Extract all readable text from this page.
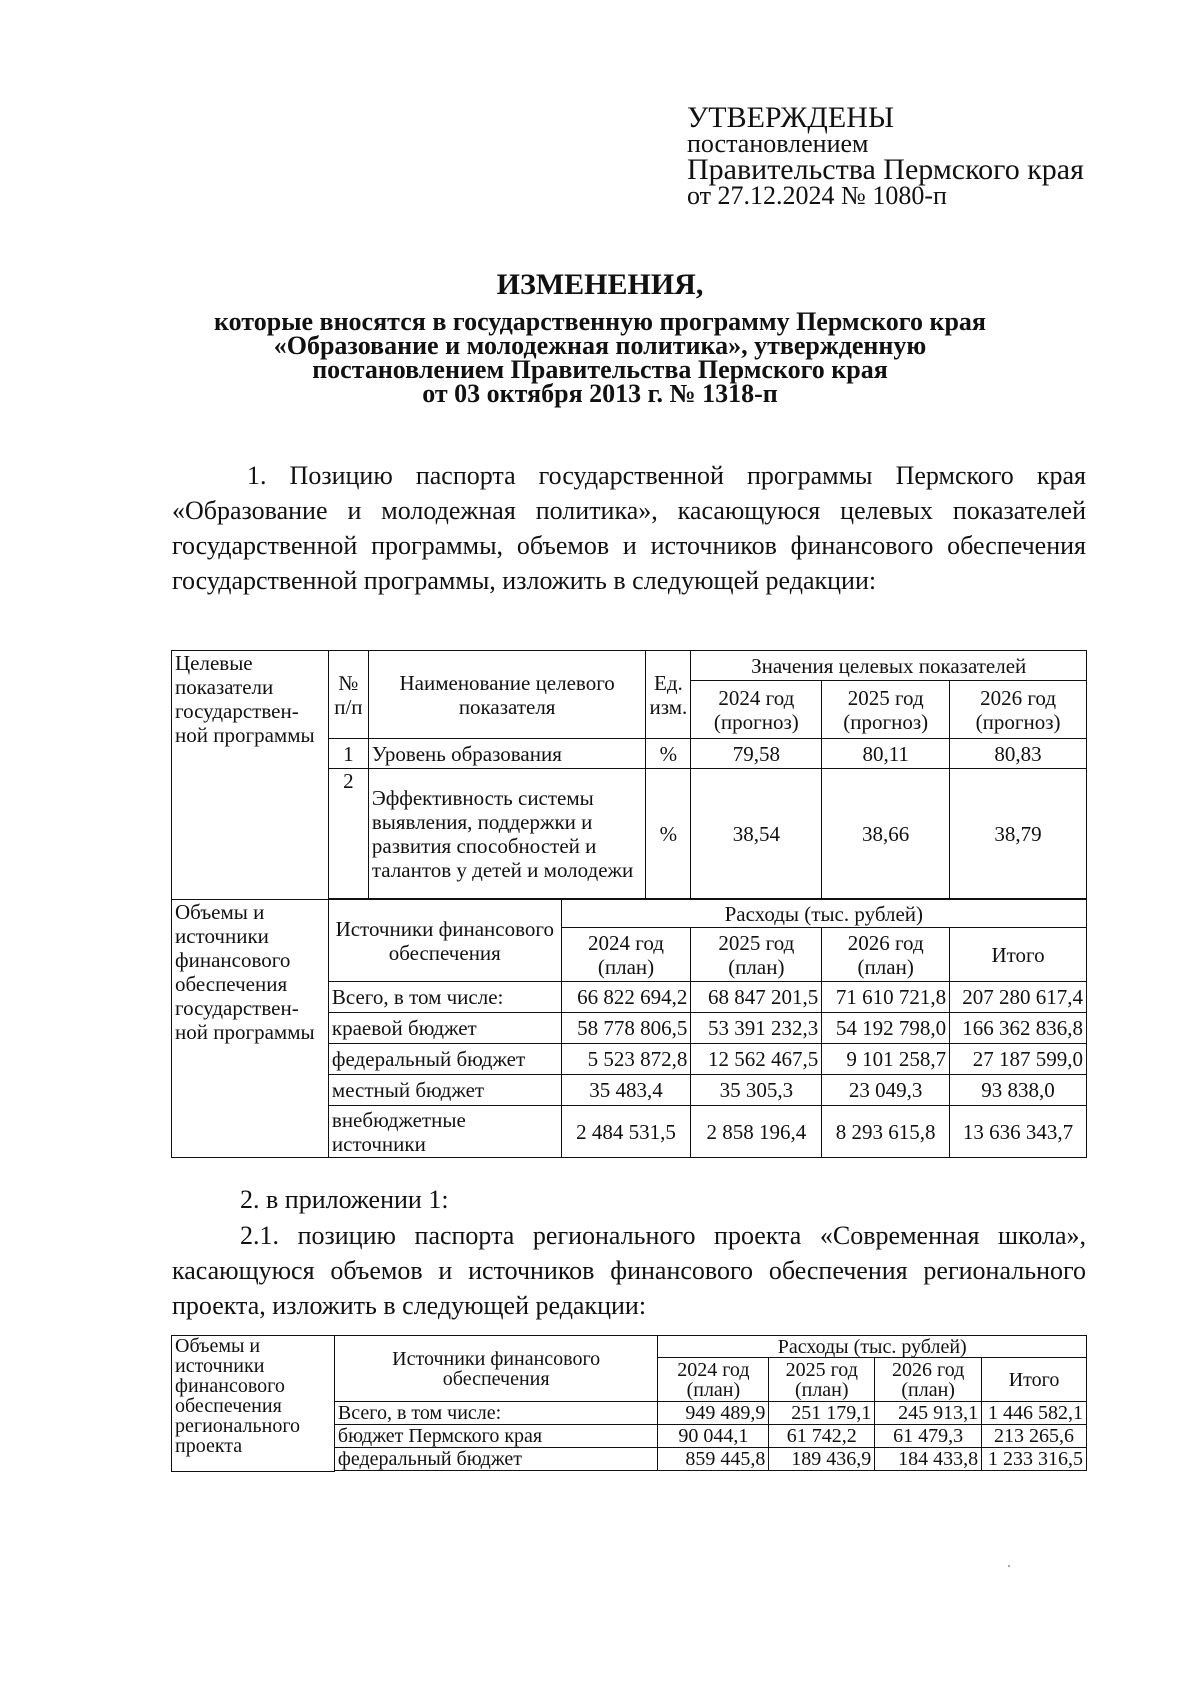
УТВЕРЖДЕНЫ
постановлением
Правительства Пермского края
от 27.12.2024 № 1080-п
ИЗМЕНЕНИЯ,
которые вносятся в государственную программу Пермского края
«Образование и молодежная политика», утвержденную
постановлением Правительства Пермского края
от 03 октября 2013 г. № 1318-п
1. Позицию паспорта государственной программы Пермского края «Образование и молодежная политика», касающуюся целевых показателей государственной программы, объемов и источников финансового обеспечения государственной программы, изложить в следующей редакции:
Целевые показатели государствен-ной программы	№ п/п	Наименование целевого показателя		Ед. изм.	Значения целевых показателей		
					2024 год (прогноз)	2025 год (прогноз)	2026 год (прогноз)
	1	Уровень образования		%	79,58	80,11	80,83
	2	Эффективность системы выявления, поддержки и развития способностей и талантов у детей и молодежи		%	38,54	38,66	38,79

Объемы и источники финансового обеспечения государствен-ной программы	Источники финансового обеспечения		Расходы (тыс. рублей)				
			2024 год (план)		2025 год (план)	2026 год (план)	Итого
	Всего, в том числе:		66 822 694,2		68 847 201,5	71 610 721,8	207 280 617,4
	краевой бюджет		58 778 806,5		53 391 232,3	54 192 798,0	166 362 836,8
	федеральный бюджет		5 523 872,8		12 562 467,5	9 101 258,7	27 187 599,0
	местный бюджет		35 483,4		35 305,3	23 049,3	93 838,0
	внебюджетные источники		2 484 531,5		2 858 196,4	8 293 615,8	13 636 343,7
2. в приложении 1:
2.1. позицию паспорта регионального проекта «Современная школа», касающуюся объемов и источников финансового обеспечения регионального проекта, изложить в следующей редакции:
Объемы и источники финансового обеспечения регионального проекта	Источники финансового обеспечения	Расходы (тыс. рублей)			
		2024 год (план)	2025 год (план)	2026 год (план)	Итого
	Всего, в том числе:	949 489,9	251 179,1	245 913,1	1 446 582,1
	бюджет Пермского края	90 044,1	61 742,2	61 479,3	213 265,6
	федеральный бюджет	859 445,8	189 436,9	184 433,8	1 233 316,5
